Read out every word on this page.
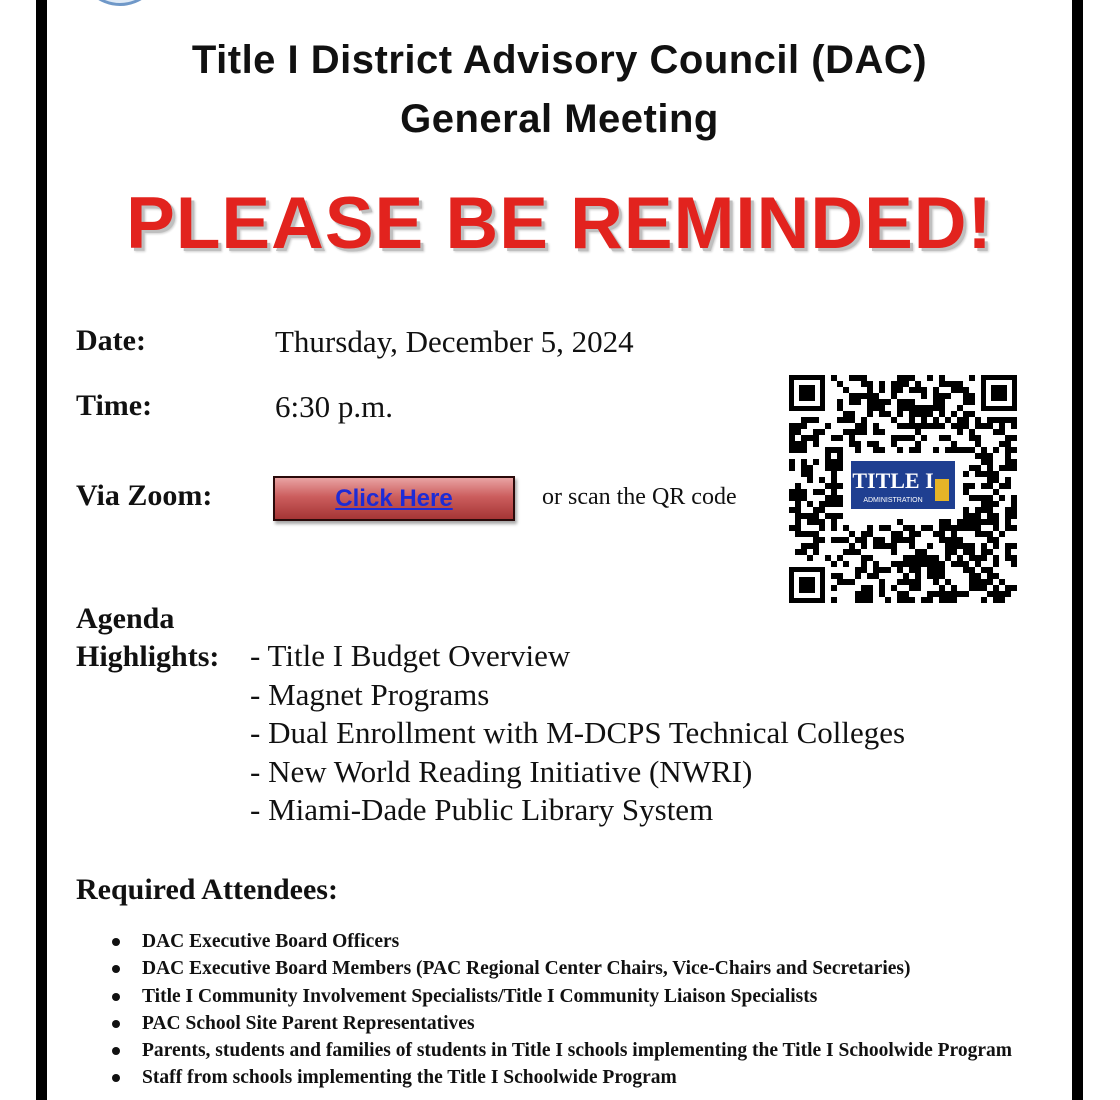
Title I District Advisory Council (DAC)
General Meeting
PLEASE BE REMINDED!
Date:	Thursday, December 5, 2024
Time:	6:30 p.m.
Via Zoom:	Click Here	or scan the QR code
TITLE I
ADMINISTRATION
Agenda
Highlights: - Title I Budget Overview
- Magnet Programs
- Dual Enrollment with M-DCPS Technical Colleges
- New World Reading Initiative (NWRI)
- Miami-Dade Public Library System
Required Attendees:
DAC Executive Board Officers
DAC Executive Board Members (PAC Regional Center Chairs, Vice-Chairs and Secretaries)
Title I Community Involvement Specialists/Title I Community Liaison Specialists
PAC School Site Parent Representatives
Parents, students and families of students in Title I schools implementing the Title I Schoolwide Program
Staff from schools implementing the Title I Schoolwide Program
